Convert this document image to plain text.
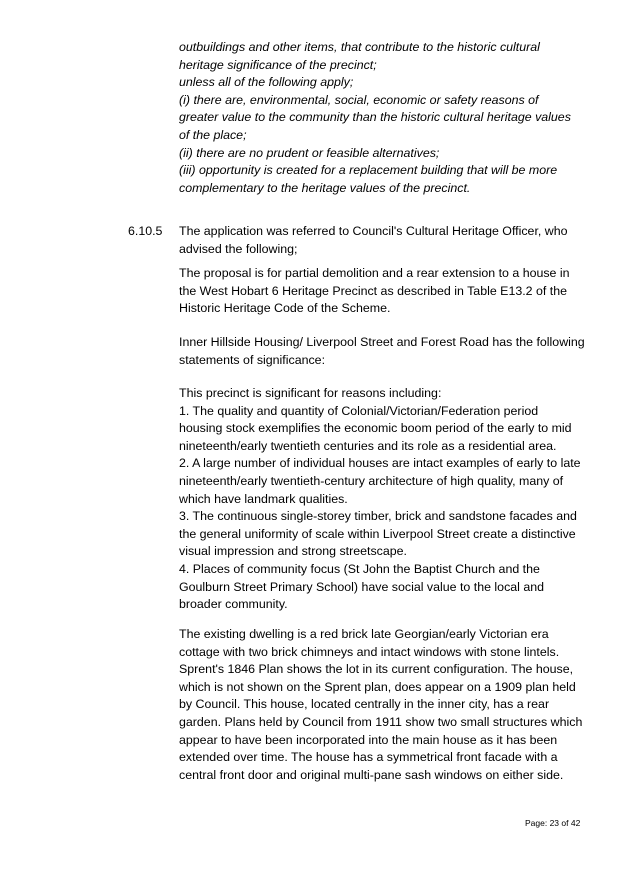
outbuildings and other items, that contribute to the historic cultural
heritage significance of the precinct;
unless all of the following apply;
(i) there are, environmental, social, economic or safety reasons of
greater value to the community than the historic cultural heritage values
of the place;
(ii) there are no prudent or feasible alternatives;
(iii) opportunity is created for a replacement building that will be more
complementary to the heritage values of the precinct.
6.10.5 The application was referred to Council's Cultural Heritage Officer, who
advised the following;
The proposal is for partial demolition and a rear extension to a house in
the West Hobart 6 Heritage Precinct as described in Table E13.2 of the
Historic Heritage Code of the Scheme.
Inner Hillside Housing/ Liverpool Street and Forest Road has the following
statements of significance:
This precinct is significant for reasons including:
1. The quality and quantity of Colonial/Victorian/Federation period
housing stock exemplifies the economic boom period of the early to mid
nineteenth/early twentieth centuries and its role as a residential area.
2. A large number of individual houses are intact examples of early to late
nineteenth/early twentieth-century architecture of high quality, many of
which have landmark qualities.
3. The continuous single-storey timber, brick and sandstone facades and
the general uniformity of scale within Liverpool Street create a distinctive
visual impression and strong streetscape.
4. Places of community focus (St John the Baptist Church and the
Goulburn Street Primary School) have social value to the local and
broader community.
The existing dwelling is a red brick late Georgian/early Victorian era
cottage with two brick chimneys and intact windows with stone lintels.
Sprent's 1846 Plan shows the lot in its current configuration. The house,
which is not shown on the Sprent plan, does appear on a 1909 plan held
by Council. This house, located centrally in the inner city, has a rear
garden. Plans held by Council from 1911 show two small structures which
appear to have been incorporated into the main house as it has been
extended over time. The house has a symmetrical front facade with a
central front door and original multi-pane sash windows on either side.
Page: 23 of 42
